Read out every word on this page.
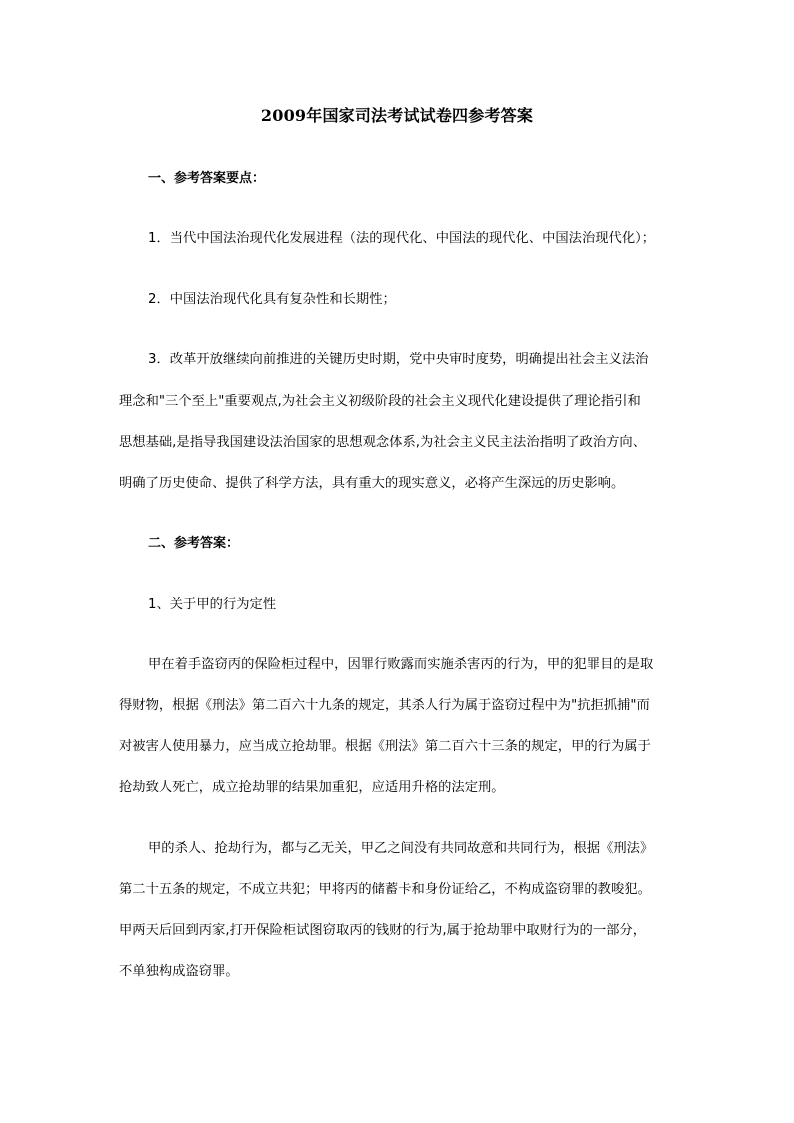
2009年国家司法考试试卷四参考答案
一、参考答案要点：
1．当代中国法治现代化发展进程（法的现代化、中国法的现代化、中国法治现代化）；
2．中国法治现代化具有复杂性和长期性；
3．改革开放继续向前推进的关键历史时期，党中央审时度势，明确提出社会主义法治
理念和"三个至上"重要观点,为社会主义初级阶段的社会主义现代化建设提供了理论指引和
思想基础,是指导我国建设法治国家的思想观念体系,为社会主义民主法治指明了政治方向、
明确了历史使命、提供了科学方法，具有重大的现实意义，必将产生深远的历史影响。
二、参考答案：
1、关于甲的行为定性
甲在着手盗窃丙的保险柜过程中，因罪行败露而实施杀害丙的行为，甲的犯罪目的是取
得财物，根据《刑法》第二百六十九条的规定，其杀人行为属于盗窃过程中为"抗拒抓捕"而
对被害人使用暴力，应当成立抢劫罪。根据《刑法》第二百六十三条的规定，甲的行为属于
抢劫致人死亡，成立抢劫罪的结果加重犯，应适用升格的法定刑。
甲的杀人、抢劫行为，都与乙无关，甲乙之间没有共同故意和共同行为，根据《刑法》
第二十五条的规定，不成立共犯；甲将丙的储蓄卡和身份证给乙，不构成盗窃罪的教唆犯。
甲两天后回到丙家,打开保险柜试图窃取丙的钱财的行为,属于抢劫罪中取财行为的一部分，
不单独构成盗窃罪。
